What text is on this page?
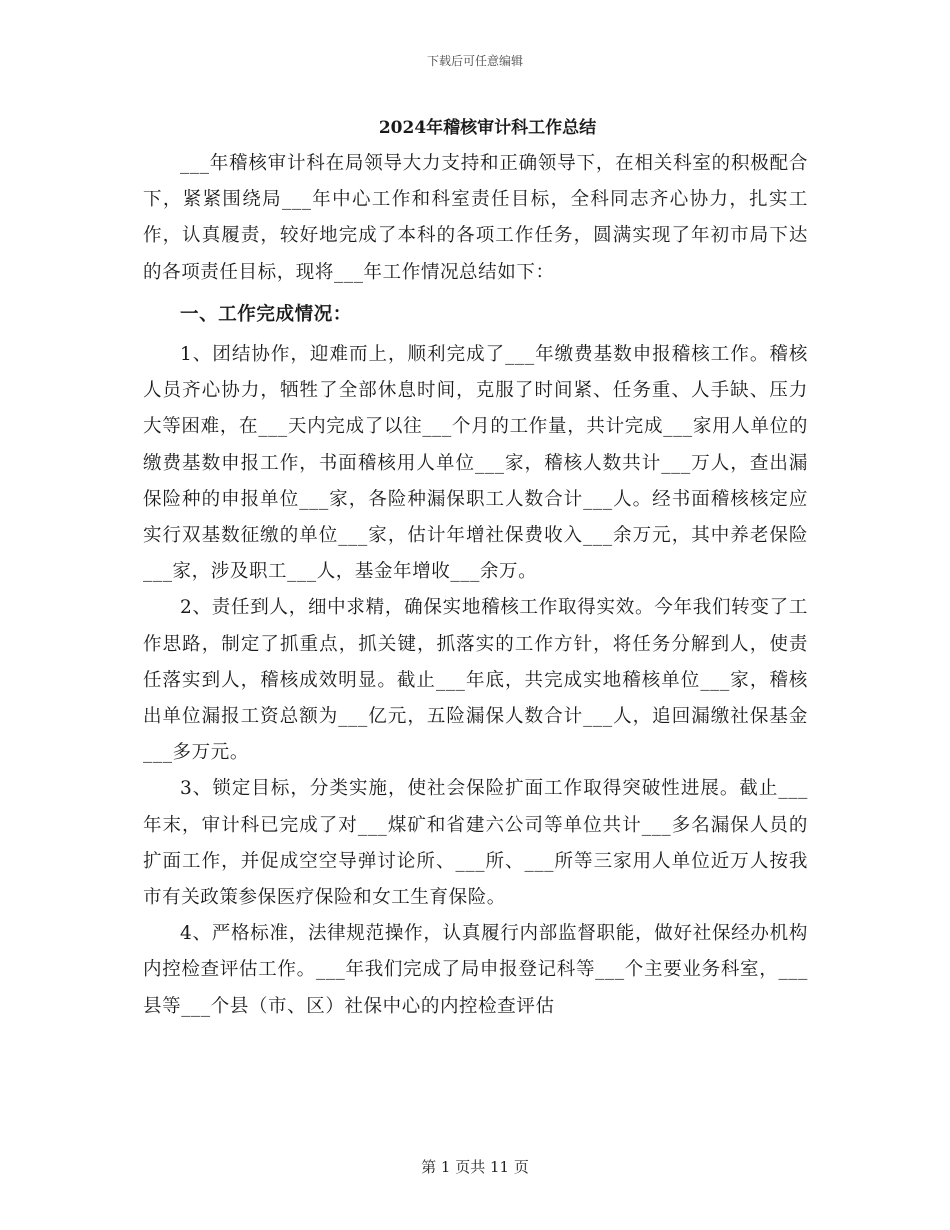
下载后可任意编辑
2024年稽核审计科工作总结

___年稽核审计科在局领导大力支持和正确领导下，在相关科室的积极配合下，紧紧围绕局___年中心工作和科室责任目标，全科同志齐心协力，扎实工作，认真履责，较好地完成了本科的各项工作任务，圆满实现了年初市局下达的各项责任目标，现将___年工作情况总结如下：

一、工作完成情况：

1、团结协作，迎难而上，顺利完成了___年缴费基数申报稽核工作。稽核人员齐心协力，牺牲了全部休息时间，克服了时间紧、任务重、人手缺、压力大等困难，在___天内完成了以往___个月的工作量，共计完成___家用人单位的缴费基数申报工作，书面稽核用人单位___家，稽核人数共计___万人，查出漏保险种的申报单位___家，各险种漏保职工人数合计___人。经书面稽核核定应实行双基数征缴的单位___家，估计年增社保费收入___余万元，其中养老保险___家，涉及职工___人，基金年增收___余万。

2、责任到人，细中求精，确保实地稽核工作取得实效。今年我们转变了工作思路，制定了抓重点，抓关键，抓落实的工作方针，将任务分解到人，使责任落实到人，稽核成效明显。截止___年底，共完成实地稽核单位___家，稽核出单位漏报工资总额为___亿元，五险漏保人数合计___人，追回漏缴社保基金___多万元。

3、锁定目标，分类实施，使社会保险扩面工作取得突破性进展。截止___年末，审计科已完成了对___煤矿和省建六公司等单位共计___多名漏保人员的扩面工作，并促成空空导弹讨论所、___所、___所等三家用人单位近万人按我市有关政策参保医疗保险和女工生育保险。

4、严格标准，法律规范操作，认真履行内部监督职能，做好社保经办机构内控检查评估工作。___年我们完成了局申报登记科等___个主要业务科室，___县等___个县（市、区）社保中心的内控检查评估

第 1 页共 11 页
